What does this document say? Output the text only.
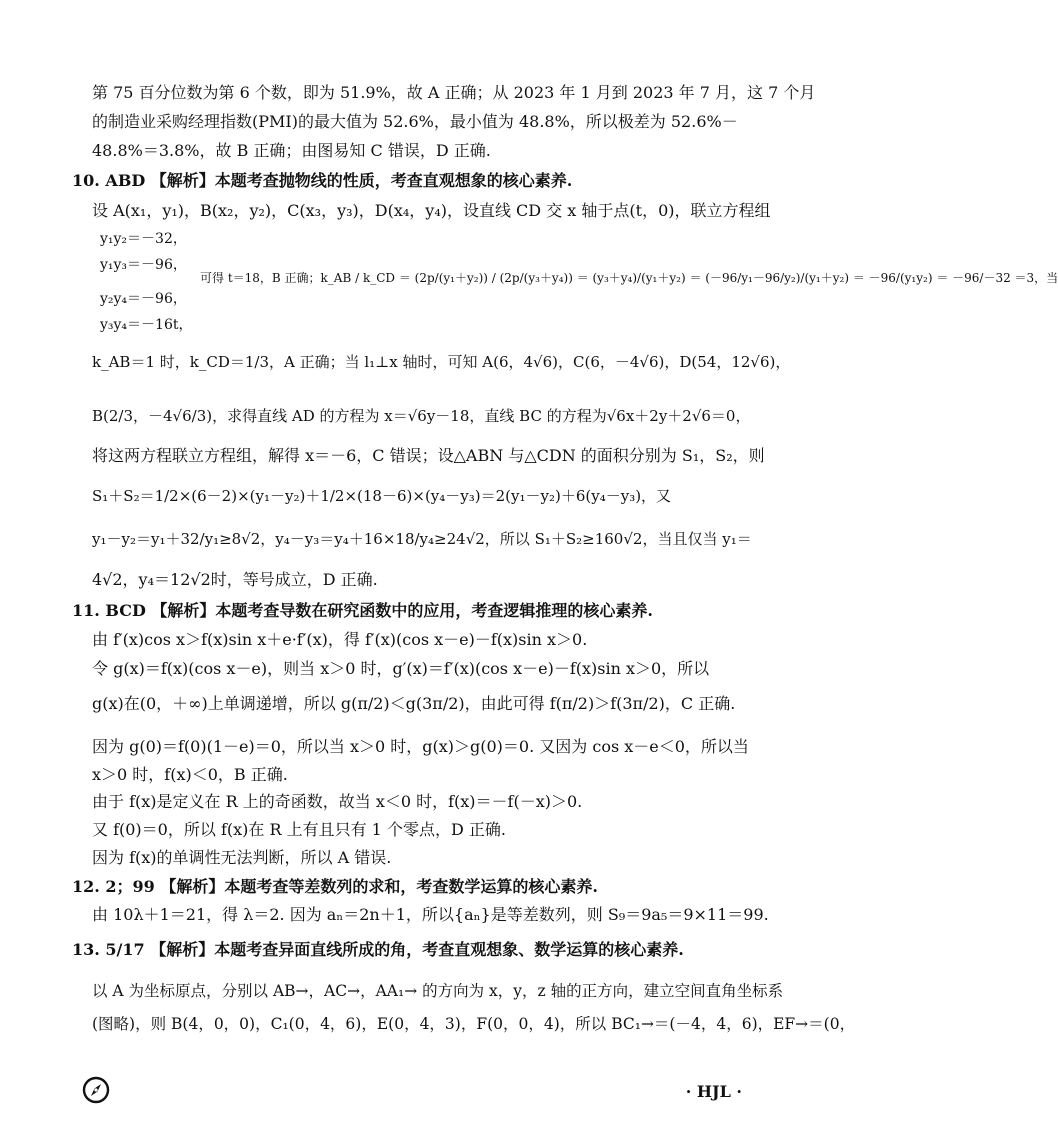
第 75 百分位数为第 6 个数，即为 51.9%，故 A 正确；从 2023 年 1 月到 2023 年 7 月，这 7 个月
的制造业采购经理指数(PMI)的最大值为 52.6%，最小值为 48.8%，所以极差为 52.6%－
48.8%＝3.8%，故 B 正确；由图易知 C 错误，D 正确.
10. ABD 【解析】本题考查抛物线的性质，考查直观想象的核心素养.
设 A(x₁，y₁)，B(x₂，y₂)，C(x₃，y₃)，D(x₄，y₄)，设直线 CD 交 x 轴于点(t，0)，联立方程组
y₁y₂＝－32，
y₁y₃＝－96，
可得 t＝18，B 正确；k_AB / k_CD ＝ (2p/(y₁＋y₂)) / (2p/(y₃＋y₄)) ＝ (y₃＋y₄)/(y₁＋y₂) ＝ (－96/y₁－96/y₂)/(y₁＋y₂) ＝ －96/(y₁y₂) ＝ －96/－32 ＝3，当
y₂y₄＝－96，
y₃y₄＝－16t，
k_AB＝1 时，k_CD＝1/3，A 正确；当 l₁⊥x 轴时，可知 A(6，4√6)，C(6，－4√6)，D(54，12√6)，
B(2/3，－4√6/3)，求得直线 AD 的方程为 x＝√6y－18，直线 BC 的方程为√6x＋2y＋2√6＝0，
将这两方程联立方程组，解得 x＝－6，C 错误；设△ABN 与△CDN 的面积分别为 S₁，S₂，则
S₁＋S₂＝1/2×(6－2)×(y₁－y₂)＋1/2×(18－6)×(y₄－y₃)＝2(y₁－y₂)＋6(y₄－y₃)，又
y₁－y₂＝y₁＋32/y₁≥8√2，y₄－y₃＝y₄＋16×18/y₄≥24√2，所以 S₁＋S₂≥160√2，当且仅当 y₁＝
4√2，y₄＝12√2时，等号成立，D 正确.
11. BCD 【解析】本题考查导数在研究函数中的应用，考查逻辑推理的核心素养.
由 f′(x)cos x＞f(x)sin x＋e·f′(x)，得 f′(x)(cos x－e)－f(x)sin x＞0.
令 g(x)＝f(x)(cos x－e)，则当 x＞0 时，g′(x)＝f′(x)(cos x－e)－f(x)sin x＞0，所以
g(x)在(0，＋∞)上单调递增，所以 g(π/2)＜g(3π/2)，由此可得 f(π/2)＞f(3π/2)，C 正确.
因为 g(0)＝f(0)(1－e)＝0，所以当 x＞0 时，g(x)＞g(0)＝0. 又因为 cos x－e＜0，所以当
x＞0 时，f(x)＜0，B 正确.
由于 f(x)是定义在 R 上的奇函数，故当 x＜0 时，f(x)＝－f(－x)＞0.
又 f(0)＝0，所以 f(x)在 R 上有且只有 1 个零点，D 正确.
因为 f(x)的单调性无法判断，所以 A 错误.
12. 2；99 【解析】本题考查等差数列的求和，考查数学运算的核心素养.
由 10λ＋1＝21，得 λ＝2. 因为 aₙ＝2n＋1，所以{aₙ}是等差数列，则 S₉＝9a₅＝9×11＝99.
13. 5/17 【解析】本题考查异面直线所成的角，考查直观想象、数学运算的核心素养.
以 A 为坐标原点，分别以 AB→，AC→，AA₁→ 的方向为 x，y，z 轴的正方向，建立空间直角坐标系
(图略)，则 B(4，0，0)，C₁(0，4，6)，E(0，4，3)，F(0，0，4)，所以 BC₁→＝(－4，4，6)，EF→＝(0，
· HJL ·
